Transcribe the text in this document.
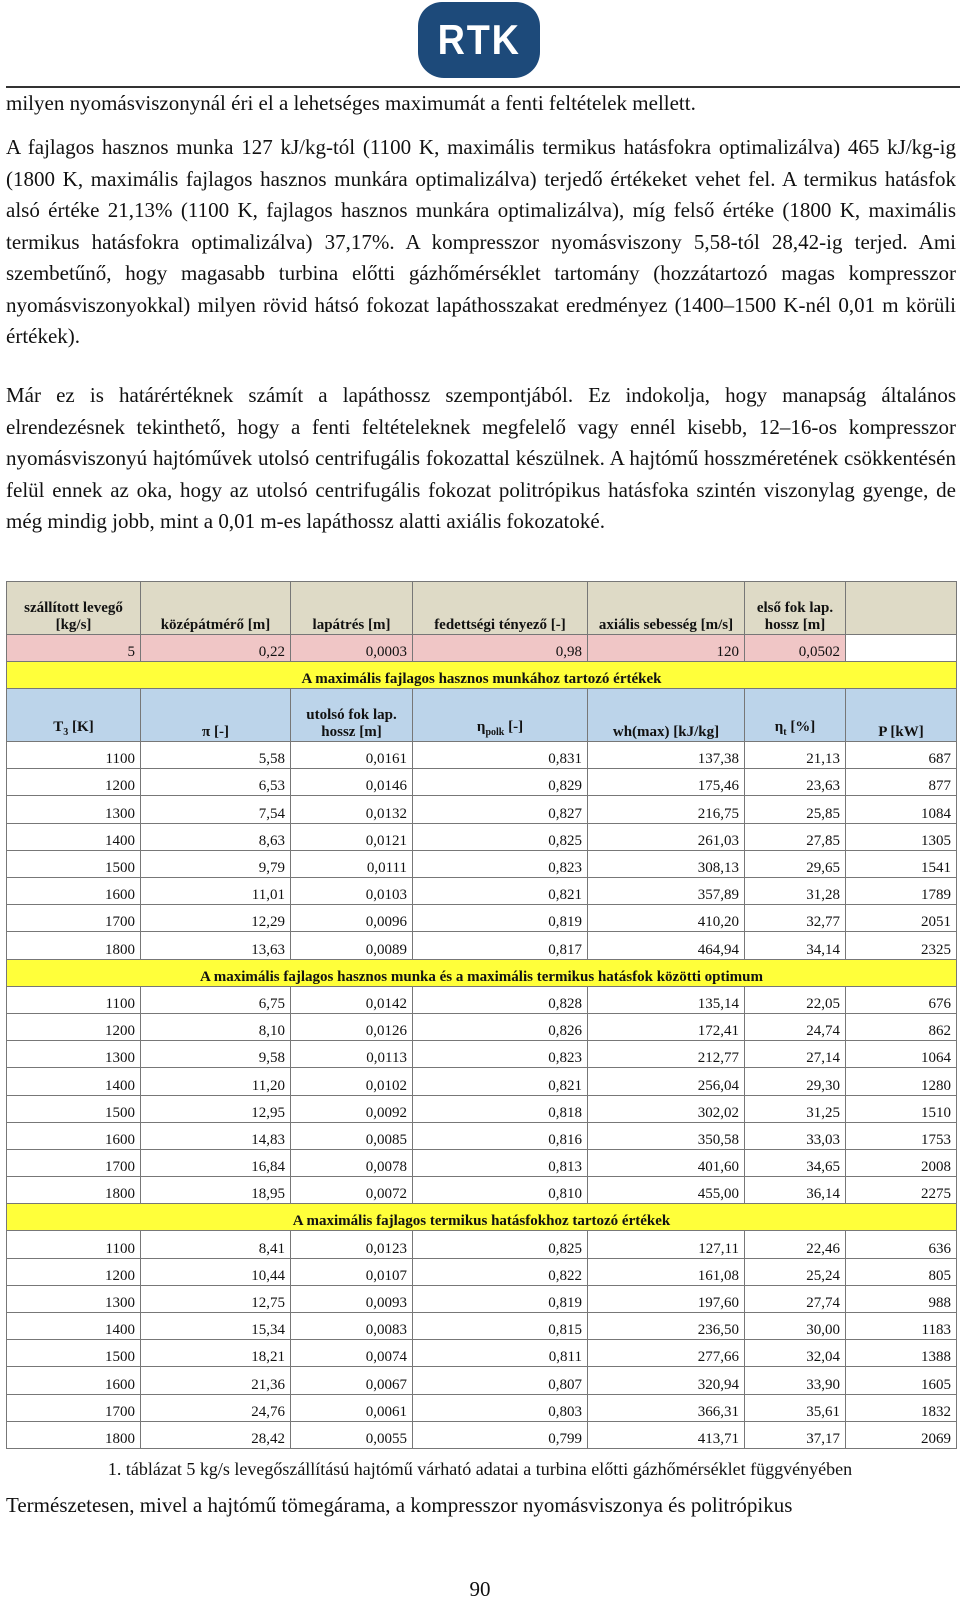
RTK

milyen nyomásviszonynál éri el a lehetséges maximumát a fenti feltételek mellett.

A fajlagos hasznos munka 127 kJ/kg-tól (1100 K, maximális termikus hatásfokra optimalizálva) 465 kJ/kg-ig (1800 K, maximális fajlagos hasznos munkára optimalizálva) terjedő értékeket vehet fel. A termikus hatásfok alsó értéke 21,13% (1100 K, fajlagos hasznos munkára optimalizálva), míg felső értéke (1800 K, maximális termikus hatásfokra optimalizálva) 37,17%. A kompresszor nyomásviszony 5,58-tól 28,42-ig terjed. Ami szembetűnő, hogy magasabb turbina előtti gázhőmérséklet tartomány (hozzátartozó magas kompresszor nyomásviszonyokkal) milyen rövid hátsó fokozat lapáthosszakat eredményez (1400–1500 K-nél 0,01 m körüli értékek).

Már ez is határértéknek számít a lapáthossz szempontjából. Ez indokolja, hogy manapság általános elrendezésnek tekinthető, hogy a fenti feltételeknek megfelelő vagy ennél kisebb, 12–16-os kompresszor nyomásviszonyú hajtóművek utolsó centrifugális fokozattal készülnek. A hajtómű hosszméretének csökkentésén felül ennek az oka, hogy az utolsó centrifugális fokozat politrópikus hatásfoka szintén viszonylag gyenge, de még mindig jobb, mint a 0,01 m-es lapáthossz alatti axiális fokozatoké.

szállított levegő [kg/s]	középátmérő [m]	lapátrés [m]	fedettségi tényező [-]	axiális sebesség [m/s]	első fok lap. hossz [m]	
5	0,22	0,0003	0,98	120	0,0502	
A maximális fajlagos hasznos munkához tartozó értékek						
$T_3$ [K]	π [-]	utolsó fok lap. hossz [m]	$\eta_{polk}$ [-]	wh(max) [kJ/kg]	$\eta_t$ [%]	P [kW]
1100	5,58	0,0161	0,831	137,38	21,13	687
1200	6,53	0,0146	0,829	175,46	23,63	877
1300	7,54	0,0132	0,827	216,75	25,85	1084
1400	8,63	0,0121	0,825	261,03	27,85	1305
1500	9,79	0,0111	0,823	308,13	29,65	1541
1600	11,01	0,0103	0,821	357,89	31,28	1789
1700	12,29	0,0096	0,819	410,20	32,77	2051
1800	13,63	0,0089	0,817	464,94	34,14	2325
A maximális fajlagos hasznos munka és a maximális termikus hatásfok közötti optimum						
1100	6,75	0,0142	0,828	135,14	22,05	676
1200	8,10	0,0126	0,826	172,41	24,74	862
1300	9,58	0,0113	0,823	212,77	27,14	1064
1400	11,20	0,0102	0,821	256,04	29,30	1280
1500	12,95	0,0092	0,818	302,02	31,25	1510
1600	14,83	0,0085	0,816	350,58	33,03	1753
1700	16,84	0,0078	0,813	401,60	34,65	2008
1800	18,95	0,0072	0,810	455,00	36,14	2275
A maximális fajlagos termikus hatásfokhoz tartozó értékek						
1100	8,41	0,0123	0,825	127,11	22,46	636
1200	10,44	0,0107	0,822	161,08	25,24	805
1300	12,75	0,0093	0,819	197,60	27,74	988
1400	15,34	0,0083	0,815	236,50	30,00	1183
1500	18,21	0,0074	0,811	277,66	32,04	1388
1600	21,36	0,0067	0,807	320,94	33,90	1605
1700	24,76	0,0061	0,803	366,31	35,61	1832
1800	28,42	0,0055	0,799	413,71	37,17	2069
1. táblázat 5 kg/s levegőszállítású hajtómű várható adatai a turbina előtti gázhőmérséklet függvényében
Természetesen, mivel a hajtómű tömegárama, a kompresszor nyomásviszonya és politrópikus
90
